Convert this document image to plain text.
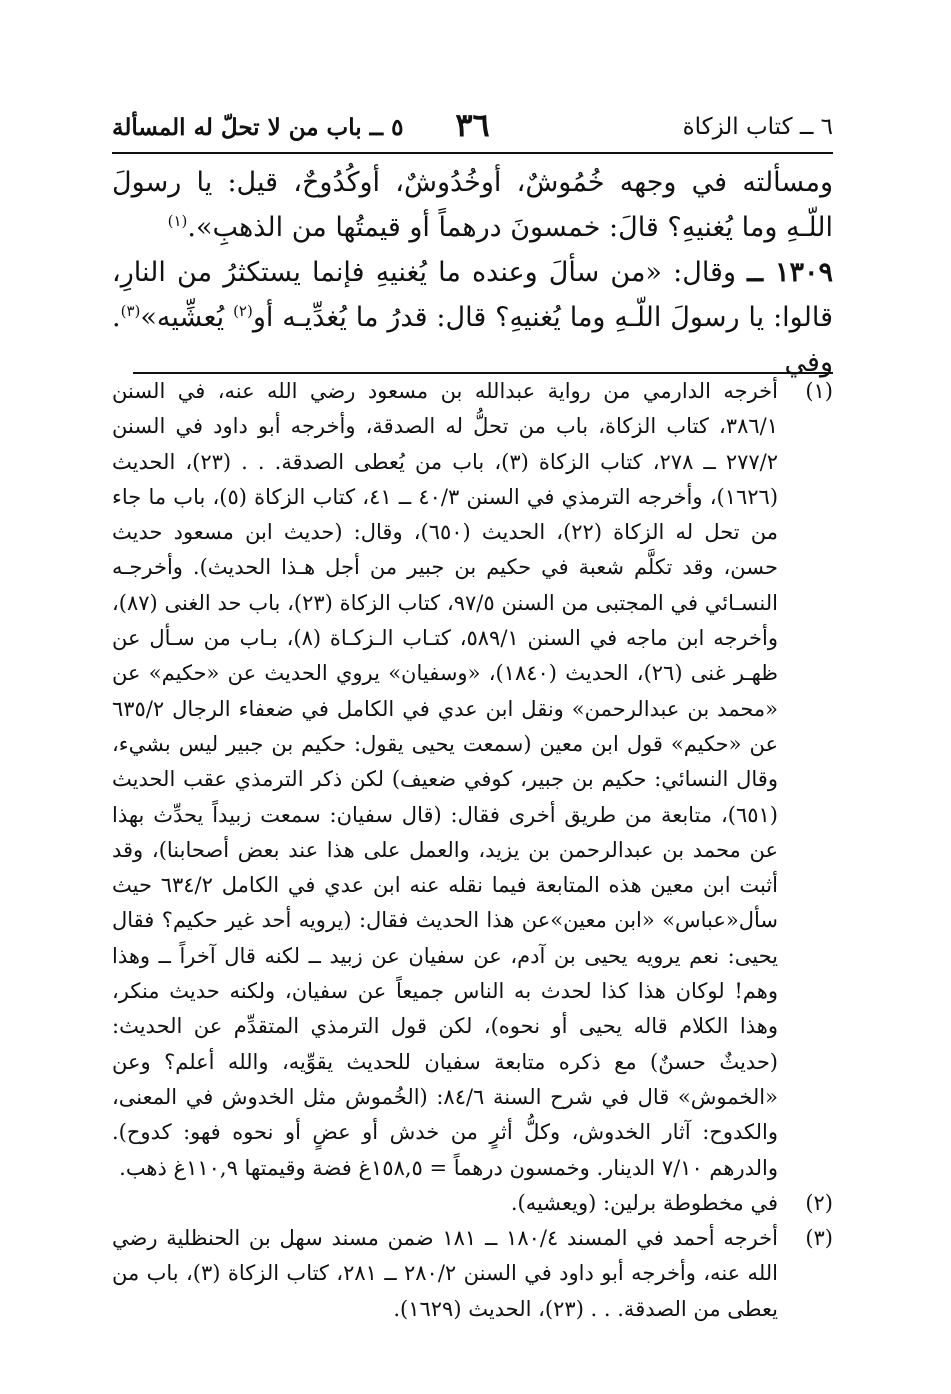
٦ ــ كتاب الزكاة
٣٦
٥ ــ باب من لا تحلّ له المسألة

ومسألته في وجهه خُمُوشٌ، أوخُدُوشٌ، أوكُدُوحٌ، قيل: يا رسولَ اللّـهِ وما يُغنيهِ؟ قالَ: خمسونَ درهماً أو قيمتُها من الذهبِ».$^{(١)}$

١٣٠٩ ــ وقال: «من سألَ وعنده ما يُغنيهِ فإنما يستكثرُ من النارِ، قالوا: يا رسولَ اللّـهِ وما يُغنيهِ؟ قال: قدرُ ما يُغدِّيـه أو$^{(٢)}$ يُعشِّيه»$^{(٣)}$. وفي

(١)
أخرجه الدارمي من رواية عبدالله بن مسعود رضي الله عنه، في السنن ٣٨٦/١، كتاب الزكاة، باب من تحلُّ له الصدقة، وأخرجه أبو داود في السنن ٢٧٧/٢ ــ ٢٧٨، كتاب الزكاة (٣)، باب من يُعطى الصدقة. . . (٢٣)، الحديث (١٦٢٦)، وأخرجه الترمذي في السنن ٤٠/٣ ــ ٤١، كتاب الزكاة (٥)، باب ما جاء من تحل له الزكاة (٢٢)، الحديث (٦٥٠)، وقال: (حديث ابن مسعود حديث حسن، وقد تكلَّم شعبة في حكيم بن جبير من أجل هـذا الحديث). وأخرجـه النسـائي في المجتبى من السنن ٩٧/٥، كتاب الزكاة (٢٣)، باب حد الغنى (٨٧)، وأخرجه ابن ماجه في السنن ٥٨٩/١، كتـاب الـزكـاة (٨)، بـاب من سـأل عن ظهـر غنى (٢٦)، الحديث (١٨٤٠)، «وسفيان» يروي الحديث عن «حكيم» عن «محمد بن عبدالرحمن» ونقل ابن عدي في الكامل في ضعفاء الرجال ٦٣٥/٢ عن «حكيم» قول ابن معين (سمعت يحيى يقول: حكيم بن جبير ليس بشيء، وقال النسائي: حكيم بن جبير، كوفي ضعيف) لكن ذكر الترمذي عقب الحديث (٦٥١)، متابعة من طريق أخرى فقال: (قال سفيان: سمعت زبيداً يحدِّث بهذا عن محمد بن عبدالرحمن بن يزيد، والعمل على هذا عند بعض أصحابنا)، وقد أثبت ابن معين هذه المتابعة فيما نقله عنه ابن عدي في الكامل ٦٣٤/٢ حيث سأل«عباس» «ابن معين»عن هذا الحديث فقال: (يرويه أحد غير حكيم؟ فقال يحيى: نعم يرويه يحيى بن آدم، عن سفيان عن زبيد ــ لكنه قال آخراً ــ وهذا وهم! لوكان هذا كذا لحدث به الناس جميعاً عن سفيان، ولكنه حديث منكر، وهذا الكلام قاله يحيى أو نحوه)، لكن قول الترمذي المتقدِّم عن الحديث: (حديثٌ حسنٌ) مع ذكره متابعة سفيان للحديث يقوِّيه، والله أعلم؟ وعن «الخموش» قال في شرح السنة ٨٤/٦: (الخُموش مثل الخدوش في المعنى، والكدوح: آثار الخدوش، وكلُّ أثرٍ من خدش أو عضٍ أو نحوه فهو: كدوح). والدرهم ٧/١٠ الدينار. وخمسون درهماً = ١٥٨,٥غ فضة وقيمتها ١١٠,٩غ ذهب.
(٢)
في مخطوطة برلين: (ويعشيه).
(٣)
أخرجه أحمد في المسند ١٨٠/٤ ــ ١٨١ ضمن مسند سهل بن الحنظلية رضي الله عنه، وأخرجه أبو داود في السنن ٢٨٠/٢ ــ ٢٨١، كتاب الزكاة (٣)، باب من يعطى من الصدقة. . . (٢٣)، الحديث (١٦٢٩).
